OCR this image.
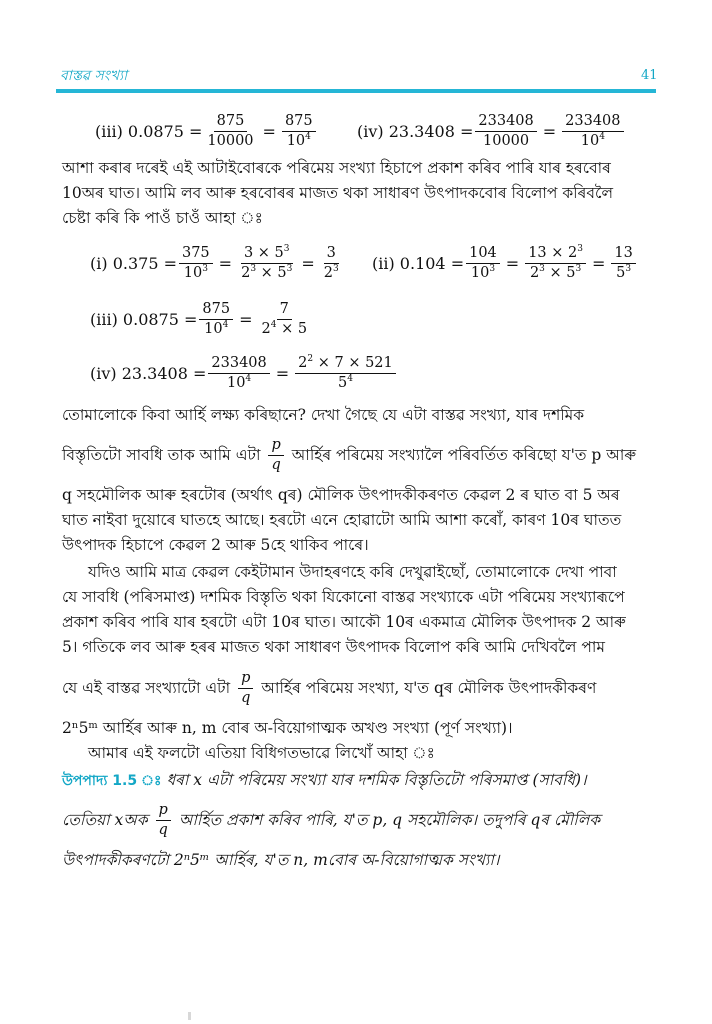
বাস্তৱ সংখ্যা	41
(iii) $0.0875 = \frac{875}{10000} = \frac{875}{10^4}$	(iv) $23.3408 = \frac{233408}{10000} = \frac{233408}{10^4}$
আশা কৰাৰ দৰেই এই আটাইবোৰকে পৰিমেয় সংখ্যা হিচাপে প্ৰকাশ কৰিব পাৰি যাৰ হৰবোৰ
10অৰ ঘাত। আমি লব আৰু হৰবোৰৰ মাজত থকা সাধাৰণ উৎপাদকবোৰ বিলোপ কৰিবলৈ
চেষ্টা কৰি কি পাওঁ চাওঁ আহা ঃ
(i) $0.375 = \frac{375}{10^3} = \frac{3 \times 5^3}{2^3 \times 5^3} = \frac{3}{2^3} (ii) 0.104 = \frac{104}{10^3} = \frac{13 \times 2^3}{2^3 \times 5^3} = \frac{13}{5^3}$
(iii) $0.0875 = \frac{875}{10^4} = \frac{7}{2^4 \times 5}$
(iv) $23.3408 = \frac{233408}{10^4} = \frac{2^2 \times 7 \times 521}{5^4}$
তোমালোকে কিবা আৰ্হি লক্ষ্য কৰিছানে? দেখা গৈছে যে এটা বাস্তৱ সংখ্যা, যাৰ দশমিক
বিস্তৃতিটো সাবধি তাক আমি এটা $\frac{p}{q}$ আৰ্হিৰ পৰিমেয় সংখ্যালৈ পৰিবৰ্তিত কৰিছো য'ত p আৰু
q সহমৌলিক আৰু হৰটোৰ (অৰ্থাৎ qৰ) মৌলিক উৎপাদকীকৰণত কেৱল 2 ৰ ঘাত বা 5 অৰ
ঘাত নাইবা দুয়োৰে ঘাতহে আছে। হৰটো এনে হোৱাটো আমি আশা কৰোঁ, কাৰণ 10ৰ ঘাতত
উৎপাদক হিচাপে কেৱল 2 আৰু 5হে থাকিব পাৰে।
যদিও আমি মাত্ৰ কেৱল কেইটামান উদাহৰণহে কৰি দেখুৱাইছোঁ, তোমালোকে দেখা পাবা
যে সাবধি (পৰিসমাপ্ত) দশমিক বিস্তৃতি থকা যিকোনো বাস্তৱ সংখ্যাকে এটা পৰিমেয় সংখ্যাৰূপে
প্ৰকাশ কৰিব পাৰি যাৰ হৰটো এটা 10ৰ ঘাত। আকৌ 10ৰ একমাত্ৰ মৌলিক উৎপাদক 2 আৰু
5। গতিকে লব আৰু হৰৰ মাজত থকা সাধাৰণ উৎপাদক বিলোপ কৰি আমি দেখিবলৈ পাম
যে এই বাস্তৱ সংখ্যাটো এটা $\frac{p}{q}$ আৰ্হিৰ পৰিমেয় সংখ্যা, য'ত qৰ মৌলিক উৎপাদকীকৰণ
2ⁿ5ᵐ আৰ্হিৰ আৰু n, m বোৰ অ-বিয়োগাত্মক অখণ্ড সংখ্যা (পূৰ্ণ সংখ্যা)।
আমাৰ এই ফলটো এতিয়া বিধিগতভাৱে লিখোঁ আহা ঃ
উপপাদ্য 1.5 ঃ ধৰা x এটা পৰিমেয় সংখ্যা যাৰ দশমিক বিস্তৃতিটো পৰিসমাপ্ত (সাবধি)।
তেতিয়া xঅক $\frac{p}{q}$ আৰ্হিত প্ৰকাশ কৰিব পাৰি, য'ত p, q সহমৌলিক। তদুপৰি qৰ মৌলিক
উৎপাদকীকৰণটো 2ⁿ5ᵐ আৰ্হিৰ, য'ত n, mবোৰ অ-বিয়োগাত্মক সংখ্যা।
